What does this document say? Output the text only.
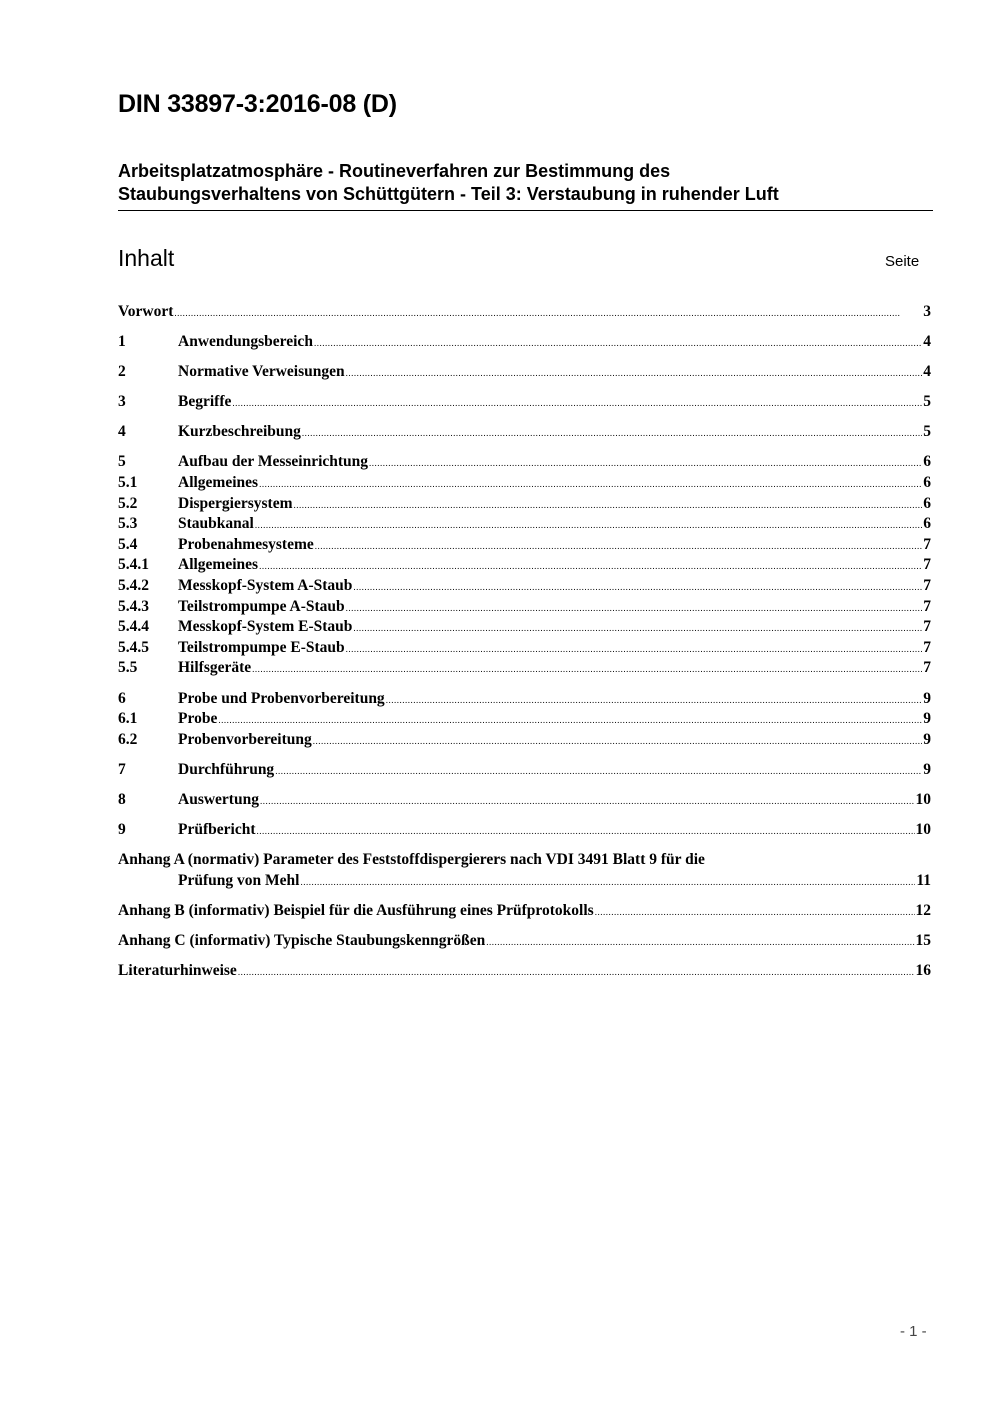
DIN 33897-3:2016-08 (D)
Arbeitsplatzatmosphäre - Routineverfahren zur Bestimmung des
Staubungsverhaltens von Schüttgütern - Teil 3: Verstaubung in ruhender Luft
Inhalt	Seite
Vorwort .....	3
1	Anwendungsbereich .....	4
2	Normative Verweisungen .....	4
3	Begriffe .....	5
4	Kurzbeschreibung .....	5
5	Aufbau der Messeinrichtung .....	6
5.1	Allgemeines .....	6
5.2	Dispergiersystem .....	6
5.3	Staubkanal .....	6
5.4	Probenahmesysteme .....	7
5.4.1	Allgemeines .....	7
5.4.2	Messkopf-System A-Staub .....	7
5.4.3	Teilstrompumpe A-Staub .....	7
5.4.4	Messkopf-System E-Staub .....	7
5.4.5	Teilstrompumpe E-Staub .....	7
5.5	Hilfsgeräte .....	7
6	Probe und Probenvorbereitung .....	9
6.1	Probe .....	9
6.2	Probenvorbereitung .....	9
7	Durchführung .....	9
8	Auswertung .....	10
9	Prüfbericht .....	10
Anhang A (normativ) Parameter des Feststoffdispergierers nach VDI 3491 Blatt 9 für die
Prüfung von Mehl .....	11
Anhang B (informativ) Beispiel für die Ausführung eines Prüfprotokolls .....	12
Anhang C (informativ) Typische Staubungskenngrößen .....	15
Literaturhinweise .....	16
- 1 -
